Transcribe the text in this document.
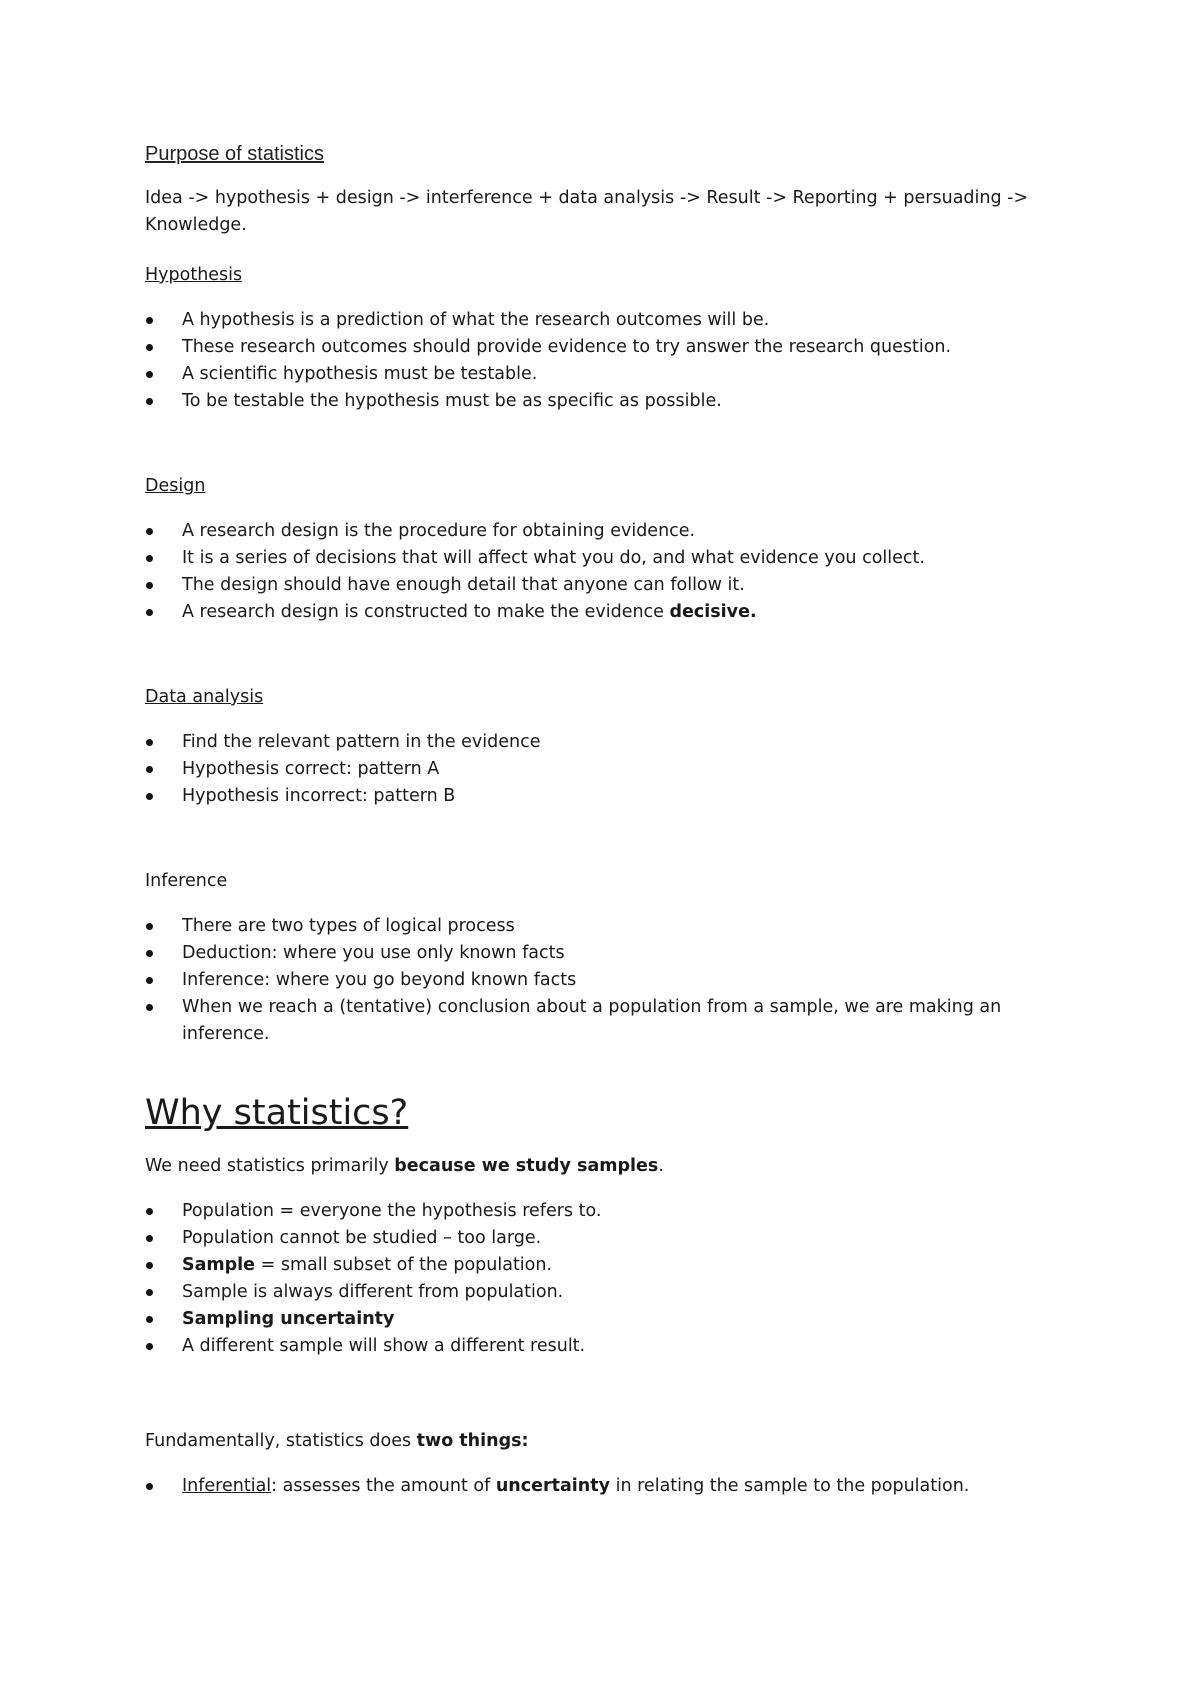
Purpose of statistics

Idea -> hypothesis + design -> interference + data analysis -> Result -> Reporting + persuading -> Knowledge.

Hypothesis

A hypothesis is a prediction of what the research outcomes will be.
These research outcomes should provide evidence to try answer the research question.
A scientific hypothesis must be testable.
To be testable the hypothesis must be as specific as possible.

Design

A research design is the procedure for obtaining evidence.
It is a series of decisions that will affect what you do, and what evidence you collect.
The design should have enough detail that anyone can follow it.
A research design is constructed to make the evidence decisive.

Data analysis

Find the relevant pattern in the evidence
Hypothesis correct: pattern A
Hypothesis incorrect: pattern B

Inference

There are two types of logical process
Deduction: where you use only known facts
Inference: where you go beyond known facts
When we reach a (tentative) conclusion about a population from a sample, we are making an inference.
Why statistics?

We need statistics primarily because we study samples.

Population = everyone the hypothesis refers to.
Population cannot be studied – too large.
Sample = small subset of the population.
Sample is always different from population.
Sampling uncertainty
A different sample will show a different result.

Fundamentally, statistics does two things:

Inferential: assesses the amount of uncertainty in relating the sample to the population.
